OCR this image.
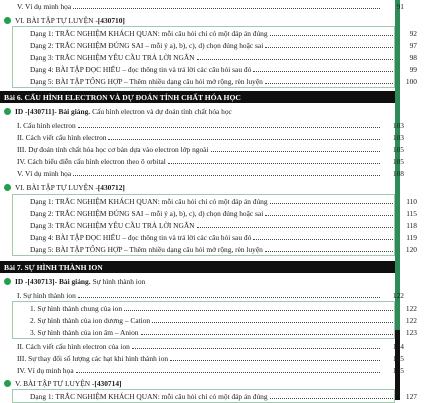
V. Ví dụ minh họa	91
VI. BÀI TẬP TỰ LUYỆN - [430710]
Dạng 1: TRẮC NGHIỆM KHÁCH QUAN: mỗi câu hỏi chỉ có một đáp án đúng	92
Dạng 2: TRẮC NGHIỆM ĐÚNG SAI – mỗi ý a), b), c), d) chọn đúng hoặc sai	97
Dạng 3: TRẮC NGHIỆM YÊU CẦU TRẢ LỜI NGẮN	98
Dạng 4: BÀI TẬP ĐỌC HIỂU – đọc thông tin và trả lời các câu hỏi sau đó	99
Dạng 5: BÀI TẬP TỔNG HỢP – Thêm nhiều dạng câu hỏi mở rộng, rèn luyện	100
Bài 6. CẤU HÌNH ELECTRON VÀ DỰ ĐOÁN TÍNH CHẤT HÓA HỌC
ID - [430711] - Bài giảng. Cấu hình electron và dự đoán tính chất hóa học
I. Cấu hình electron	103
II. Cách viết cấu hình electron	103
III. Dự đoán tính chất hóa học cơ bản dựa vào electron lớp ngoài	105
IV. Cách biểu diễn cấu hình electron theo ô orbital	105
V. Ví dụ minh họa	108
VI. BÀI TẬP TỰ LUYỆN - [430712]
Dạng 1: TRẮC NGHIỆM KHÁCH QUAN: mỗi câu hỏi chỉ có một đáp án đúng	110
Dạng 2: TRẮC NGHIỆM ĐÚNG SAI – mỗi ý a), b), c), d) chọn đúng hoặc sai	115
Dạng 3: TRẮC NGHIỆM YÊU CẦU TRẢ LỜI NGẮN	118
Dạng 4: BÀI TẬP ĐỌC HIỂU – đọc thông tin và trả lời các câu hỏi sau đó	119
Dạng 5: BÀI TẬP TỔNG HỢP – Thêm nhiều dạng câu hỏi mở rộng, rèn luyện	120
Bài 7. SỰ HÌNH THÀNH ION
ID - [430713] - Bài giảng. Sự hình thành ion
I. Sự hình thành ion	122
1. Sự hình thành chung của ion	122
2. Sự hình thành của ion dương – Cation	122
3. Sự hình thành của ion âm – Anion	123
II. Cách viết cấu hình electron của ion	124
III. Sự thay đổi số lượng các hạt khi hình thành ion	125
IV. Ví dụ minh họa	125
V. BÀI TẬP TỰ LUYỆN - [430714]
Dạng 1: TRẮC NGHIỆM KHÁCH QUAN: mỗi câu hỏi chỉ có một đáp án đúng	127
